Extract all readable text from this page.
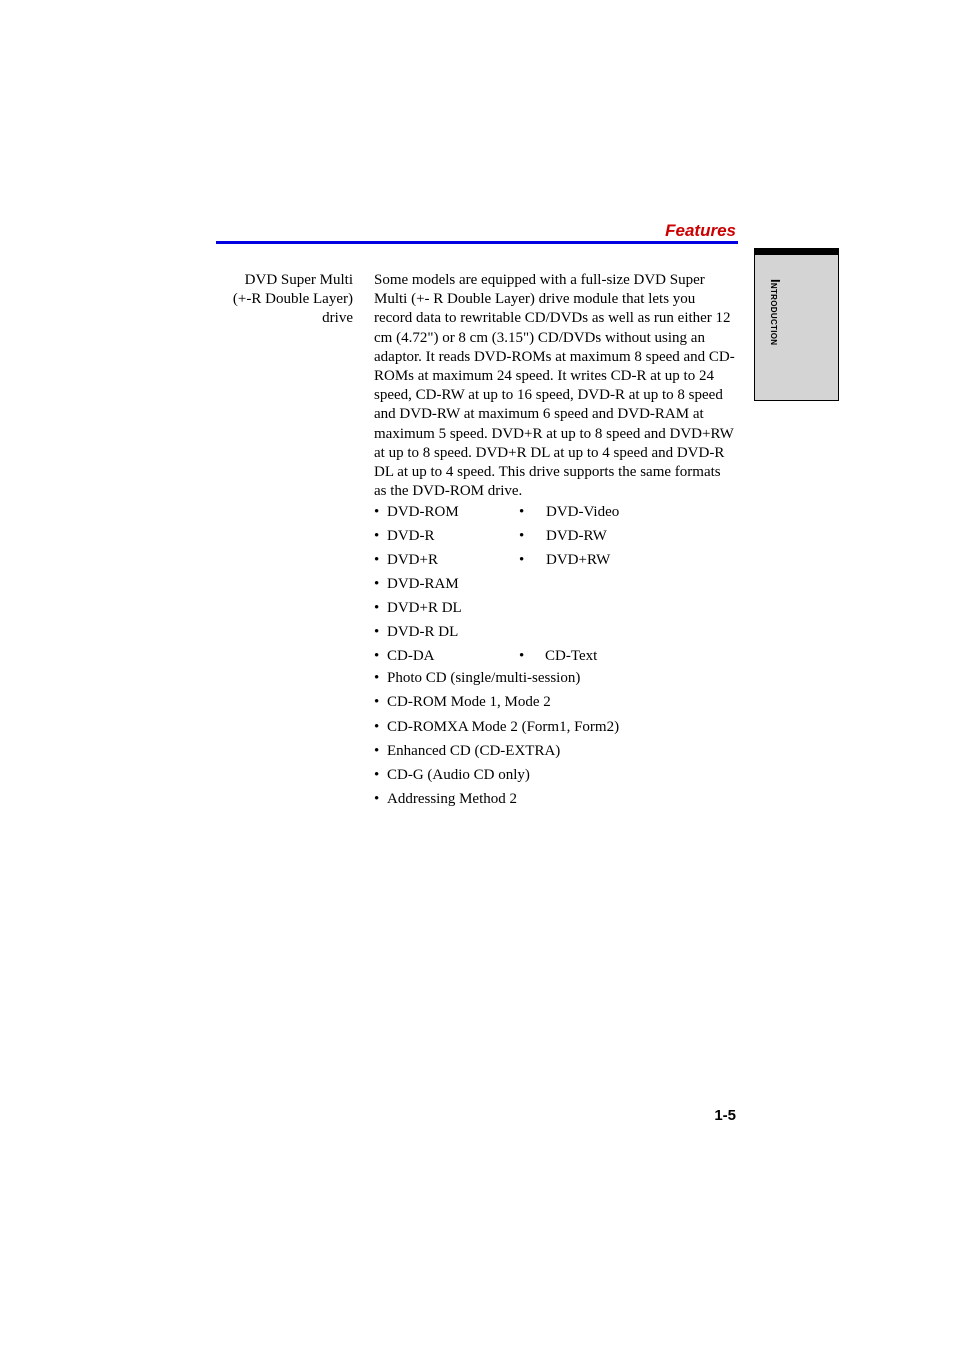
Features
Introduction
DVD Super Multi
(+-R Double Layer)
drive
Some models are equipped with a full-size DVD Super Multi (+- R Double Layer) drive module that lets you record data to rewritable CD/DVDs as well as run either 12 cm (4.72") or 8 cm (3.15") CD/DVDs without using an adaptor. It reads DVD-ROMs at maximum 8 speed and CD-ROMs at maximum 24 speed. It writes CD-R at up to 24 speed, CD-RW at up to 16 speed, DVD-R at up to 8 speed and DVD-RW at maximum 6 speed and DVD-RAM at maximum 5 speed. DVD+R at up to 8 speed and DVD+RW at up to 8 speed. DVD+R DL at up to 4 speed and DVD-R DL at up to 4 speed. This drive supports the same formats as the DVD-ROM drive.
• DVD-ROM	• DVD-Video
• DVD-R	• DVD-RW
• DVD+R	• DVD+RW
• DVD-RAM
• DVD+R DL
• DVD-R DL
• CD-DA	• CD-Text
• Photo CD (single/multi-session)
• CD-ROM Mode 1, Mode 2
• CD-ROMXA Mode 2 (Form1, Form2)
• Enhanced CD (CD-EXTRA)
• CD-G (Audio CD only)
• Addressing Method 2
1-5
